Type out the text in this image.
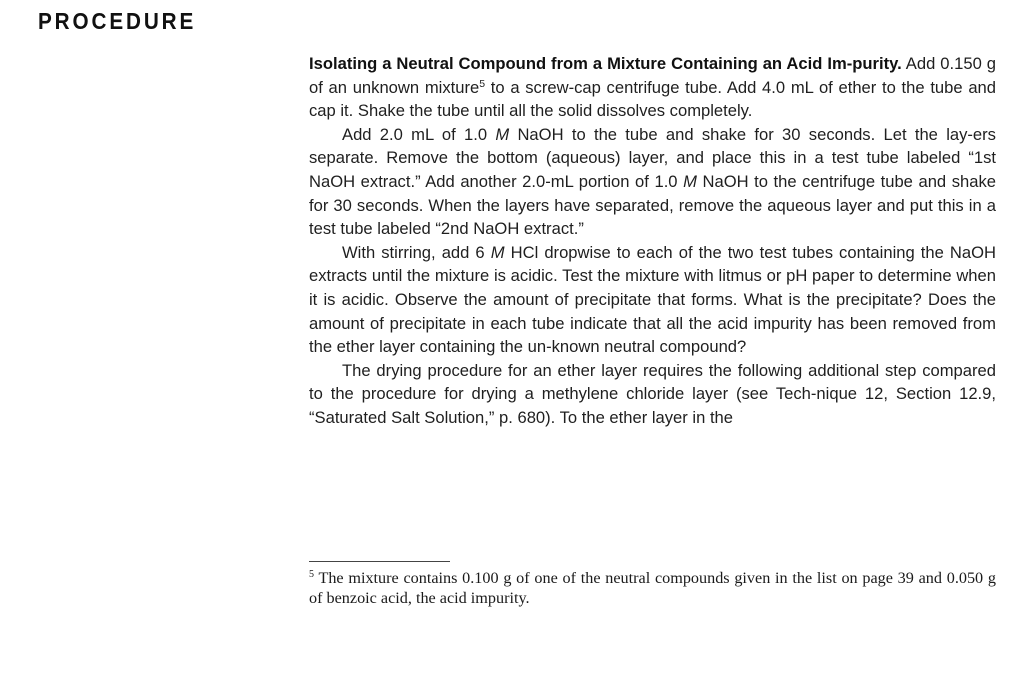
PROCEDURE

Isolating a Neutral Compound from a Mixture Containing an Acid Im-purity. Add 0.150 g of an unknown mixture$^5$ to a screw-cap centrifuge tube. Add 4.0 mL of ether to the tube and cap it. Shake the tube until all the solid dissolves completely.

Add 2.0 mL of 1.0 M NaOH to the tube and shake for 30 seconds. Let the lay-ers separate. Remove the bottom (aqueous) layer, and place this in a test tube labeled “1st NaOH extract.” Add another 2.0-mL portion of 1.0 M NaOH to the centrifuge tube and shake for 30 seconds. When the layers have separated, remove the aqueous layer and put this in a test tube labeled “2nd NaOH extract.”

With stirring, add 6 M HCl dropwise to each of the two test tubes containing the NaOH extracts until the mixture is acidic. Test the mixture with litmus or pH paper to determine when it is acidic. Observe the amount of precipitate that forms. What is the precipitate? Does the amount of precipitate in each tube indicate that all the acid impurity has been removed from the ether layer containing the un-known neutral compound?

The drying procedure for an ether layer requires the following additional step compared to the procedure for drying a methylene chloride layer (see Tech-nique 12, Section 12.9, “Saturated Salt Solution,” p. 680). To the ether layer in the

$^5$ The mixture contains 0.100 g of one of the neutral compounds given in the list on page 39 and 0.050 g of benzoic acid, the acid impurity.
